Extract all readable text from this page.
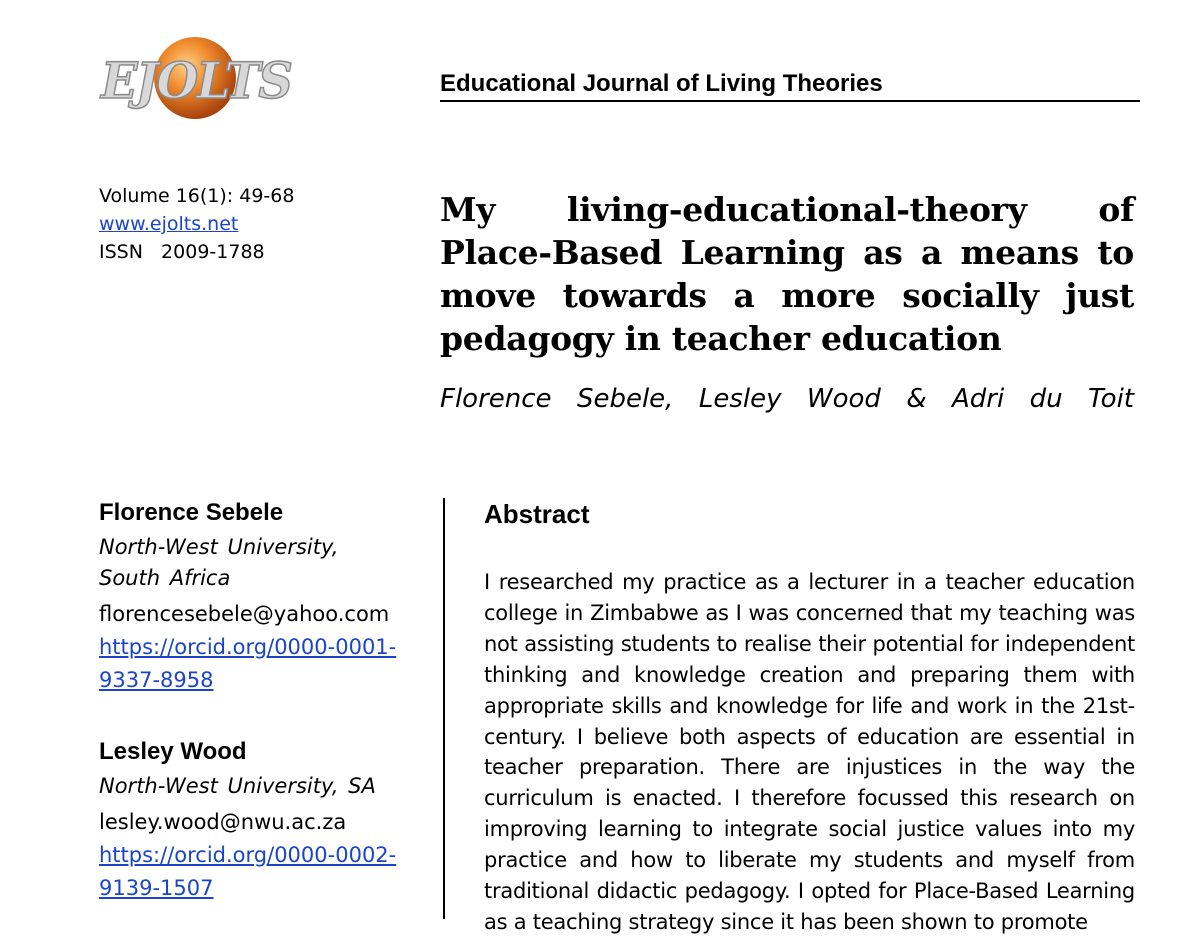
EJOLTS	Educational Journal of Living Theories
Volume 16(1): 49-68
www.ejolts.net
ISSN   2009-1788
My living-educational-theory of Place-Based Learning as a means to move towards a more socially just pedagogy in teacher education
Florence Sebele, Lesley Wood & Adri du Toit
Florence Sebele
North-West University, South Africa
florencesebele@yahoo.com
https://orcid.org/0000-0001-9337-8958
Lesley Wood
North-West University, SA
lesley.wood@nwu.ac.za
https://orcid.org/0000-0002-9139-1507
Abstract
I researched my practice as a lecturer in a teacher education college in Zimbabwe as I was concerned that my teaching was not assisting students to realise their potential for independent thinking and knowledge creation and preparing them with appropriate skills and knowledge for life and work in the 21st-century. I believe both aspects of education are essential in teacher preparation. There are injustices in the way the curriculum is enacted. I therefore focussed this research on improving learning to integrate social justice values into my practice and how to liberate my students and myself from traditional didactic pedagogy. I opted for Place-Based Learning as a teaching strategy since it has been shown to promote
